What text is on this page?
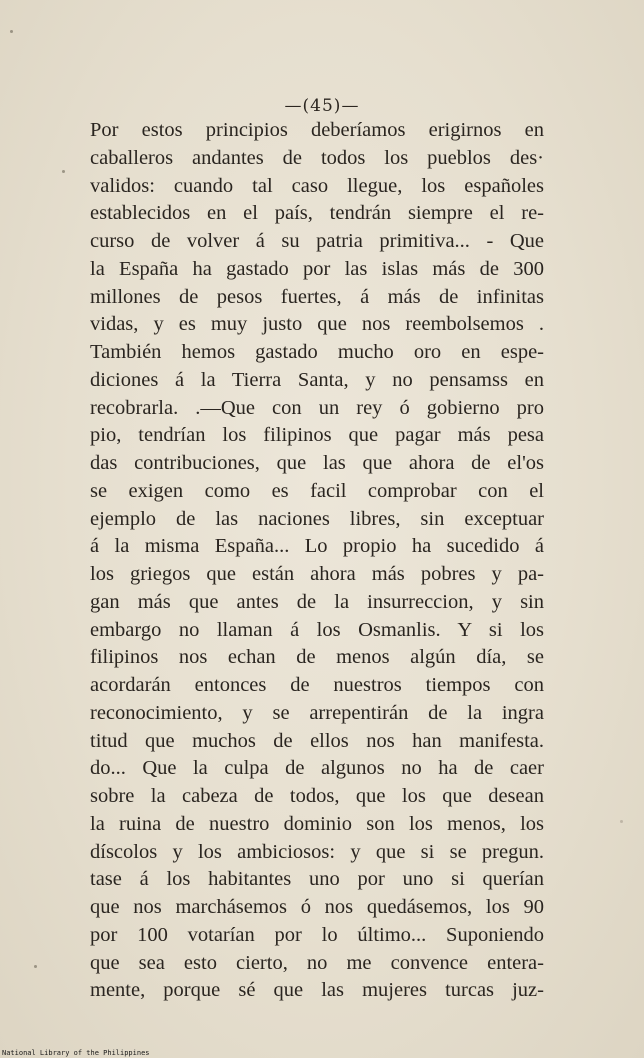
—(45)—
Por estos principios deberíamos erigirnos en
caballeros andantes de todos los pueblos des·
validos: cuando tal caso llegue, los españoles
establecidos en el país, tendrán siempre el re-
curso de volver á su patria primitiva... - Que
la España ha gastado por las islas más de 300
millones de pesos fuertes, á más de infinitas
vidas, y es muy justo que nos reembolsemos .
También hemos gastado mucho oro en espe-
diciones á la Tierra Santa, y no pensamss en
recobrarla. .—Que con un rey ó gobierno pro
pio, tendrían los filipinos que pagar más pesa
das contribuciones, que las que ahora de el'os
se exigen como es facil comprobar con el
ejemplo de las naciones libres, sin exceptuar
á la misma España... Lo propio ha sucedido á
los griegos que están ahora más pobres y pa-
gan más que antes de la insurreccion, y sin
embargo no llaman á los Osmanlis. Y si los
filipinos nos echan de menos algún día, se
acordarán entonces de nuestros tiempos con
reconocimiento, y se arrepentirán de la ingra
titud que muchos de ellos nos han manifesta.
do... Que la culpa de algunos no ha de caer
sobre la cabeza de todos, que los que desean
la ruina de nuestro dominio son los menos, los
díscolos y los ambiciosos: y que si se pregun.
tase á los habitantes uno por uno si querían
que nos marchásemos ó nos quedásemos, los 90
por 100 votarían por lo último... Suponiendo
que sea esto cierto, no me convence entera-
mente, porque sé que las mujeres turcas juz-
National Library of the Philippines
